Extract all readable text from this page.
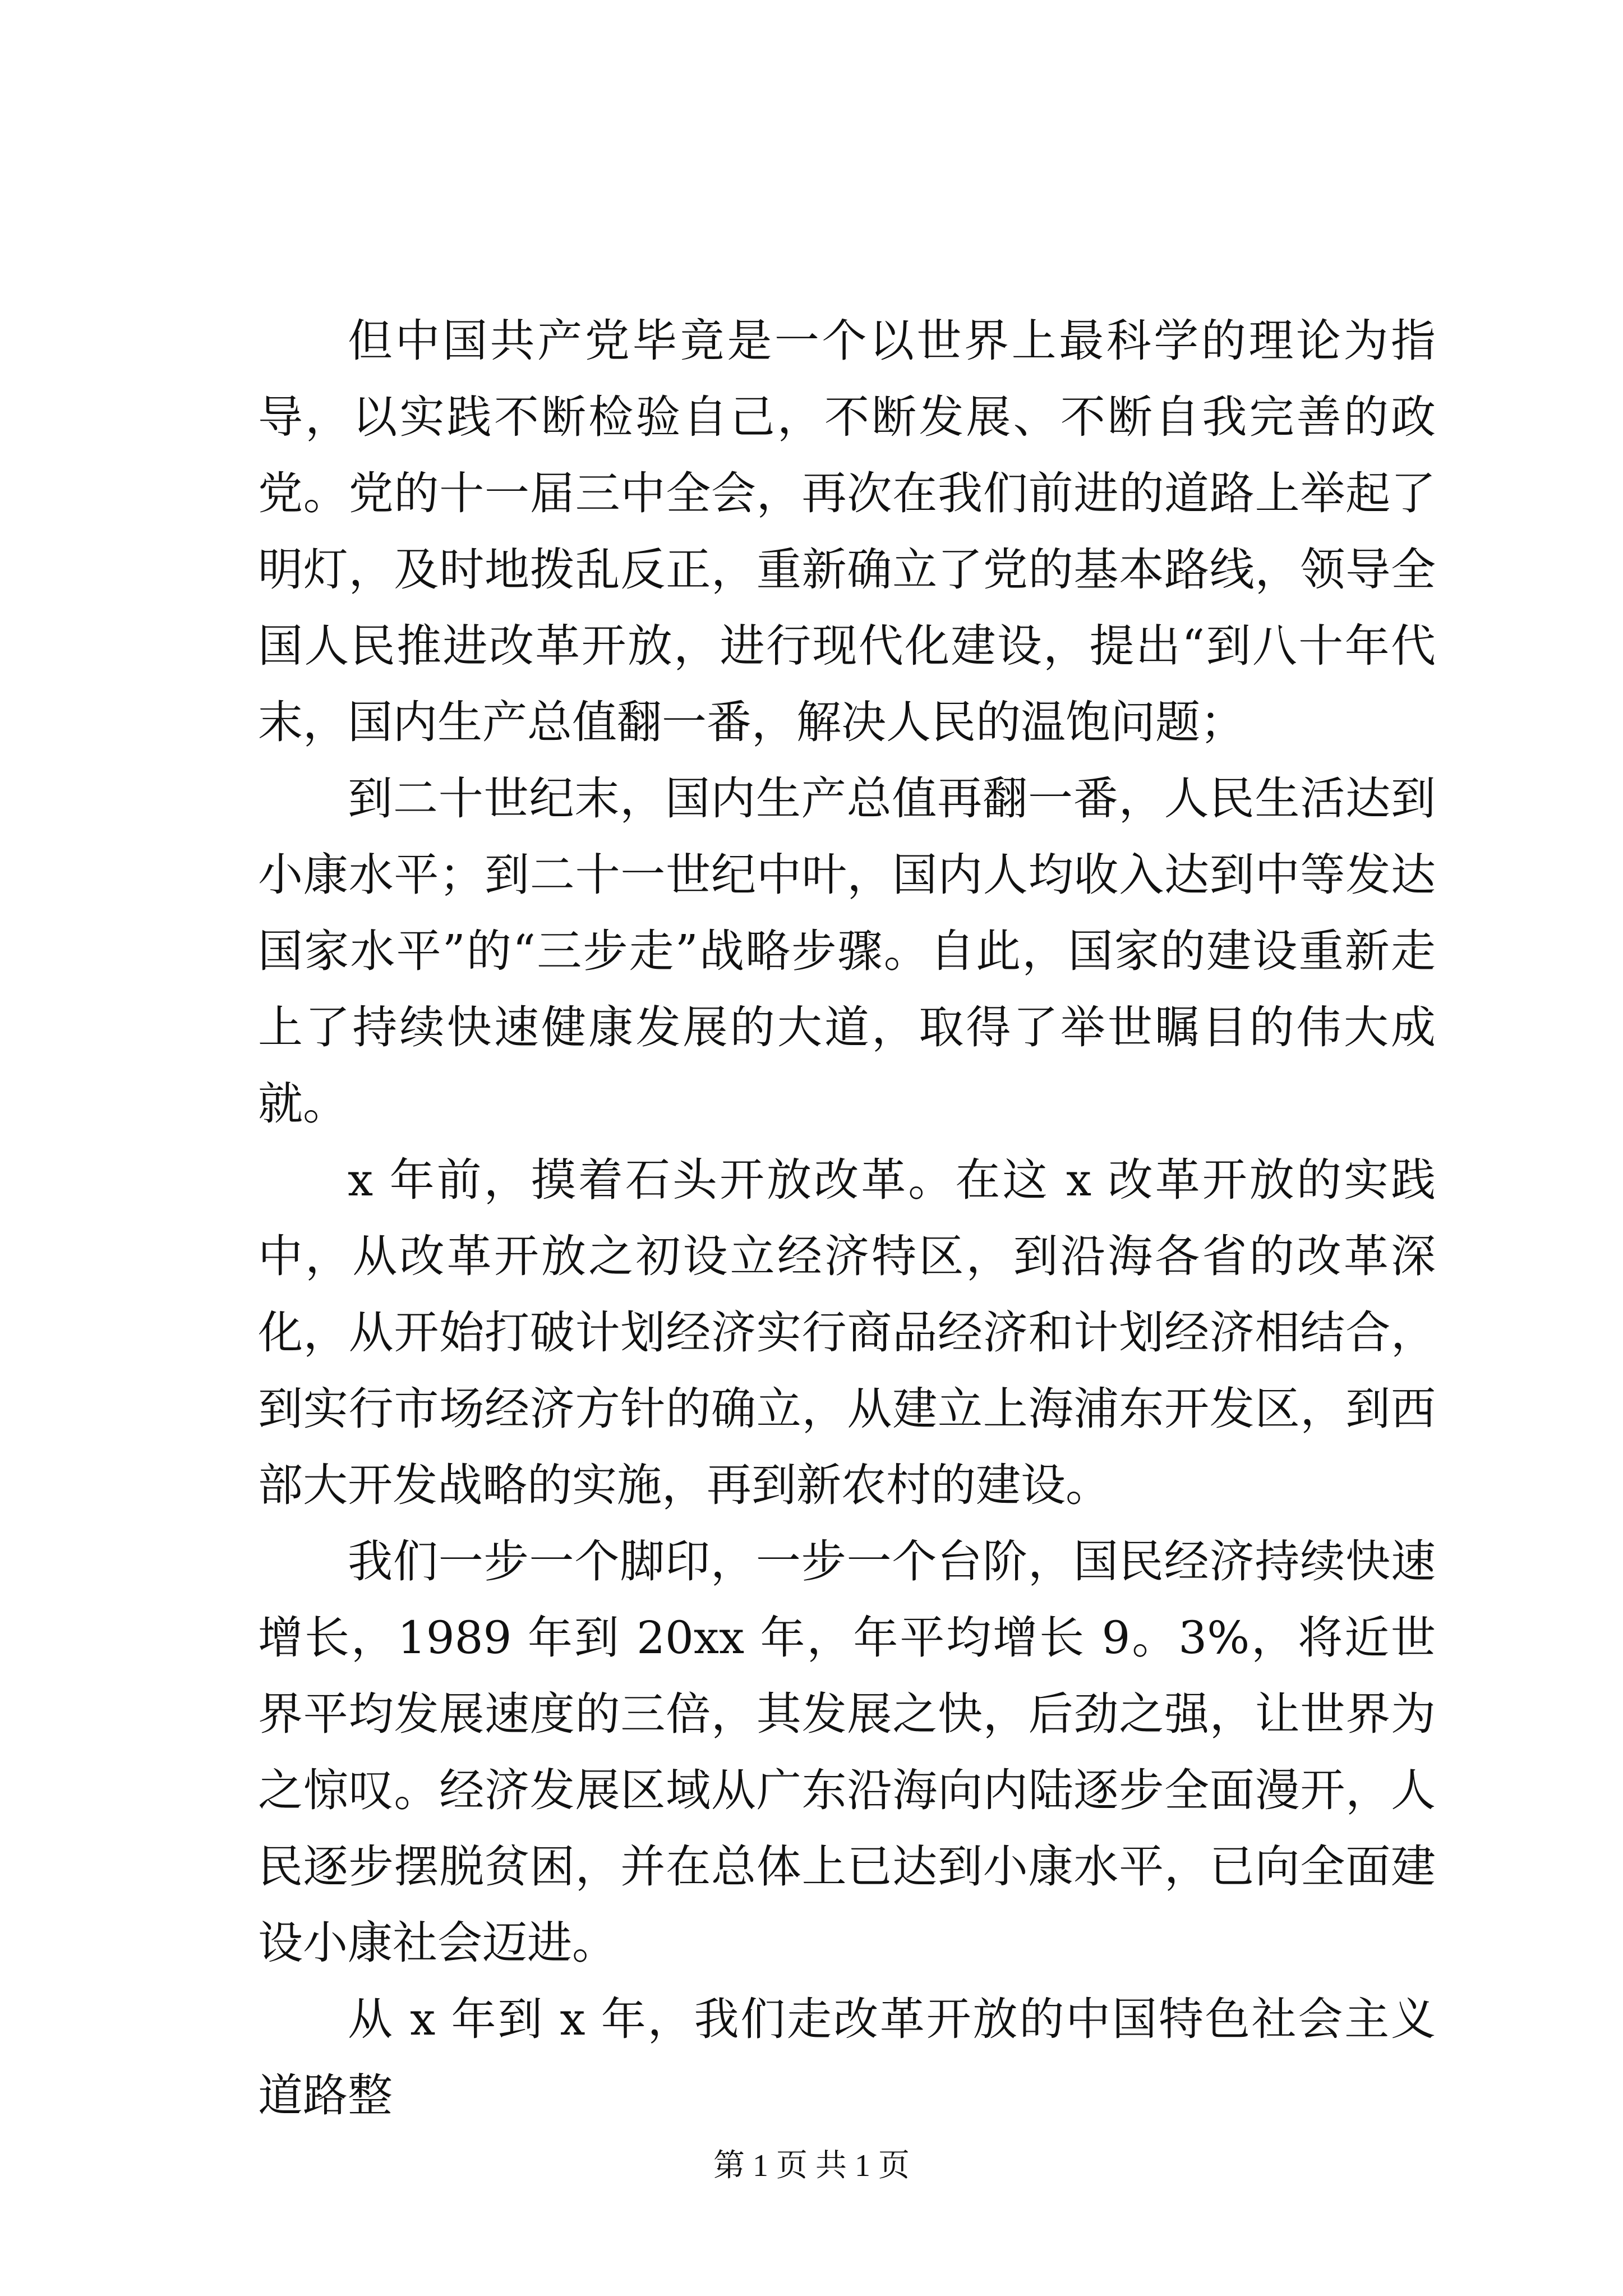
但中国共产党毕竟是一个以世界上最科学的理论为指导，以实践不断检验自己，不断发展、不断自我完善的政党。党的十一届三中全会，再次在我们前进的道路上举起了明灯，及时地拨乱反正，重新确立了党的基本路线，领导全国人民推进改革开放，进行现代化建设，提出“到八十年代末，国内生产总值翻一番，解决人民的温饱问题；

到二十世纪末，国内生产总值再翻一番，人民生活达到小康水平；到二十一世纪中叶，国内人均收入达到中等发达国家水平”的“三步走”战略步骤。自此，国家的建设重新走上了持续快速健康发展的大道，取得了举世瞩目的伟大成就。

x 年前，摸着石头开放改革。在这 x 改革开放的实践中，从改革开放之初设立经济特区，到沿海各省的改革深化，从开始打破计划经济实行商品经济和计划经济相结合，到实行市场经济方针的确立，从建立上海浦东开发区，到西部大开发战略的实施，再到新农村的建设。

我们一步一个脚印，一步一个台阶，国民经济持续快速增长，1989 年到 20xx 年，年平均增长 9。3%，将近世界平均发展速度的三倍，其发展之快，后劲之强，让世界为之惊叹。经济发展区域从广东沿海向内陆逐步全面漫开，人民逐步摆脱贫困，并在总体上已达到小康水平，已向全面建设小康社会迈进。

从 x 年到 x 年，我们走改革开放的中国特色社会主义道路整

第 1 页 共 1 页
